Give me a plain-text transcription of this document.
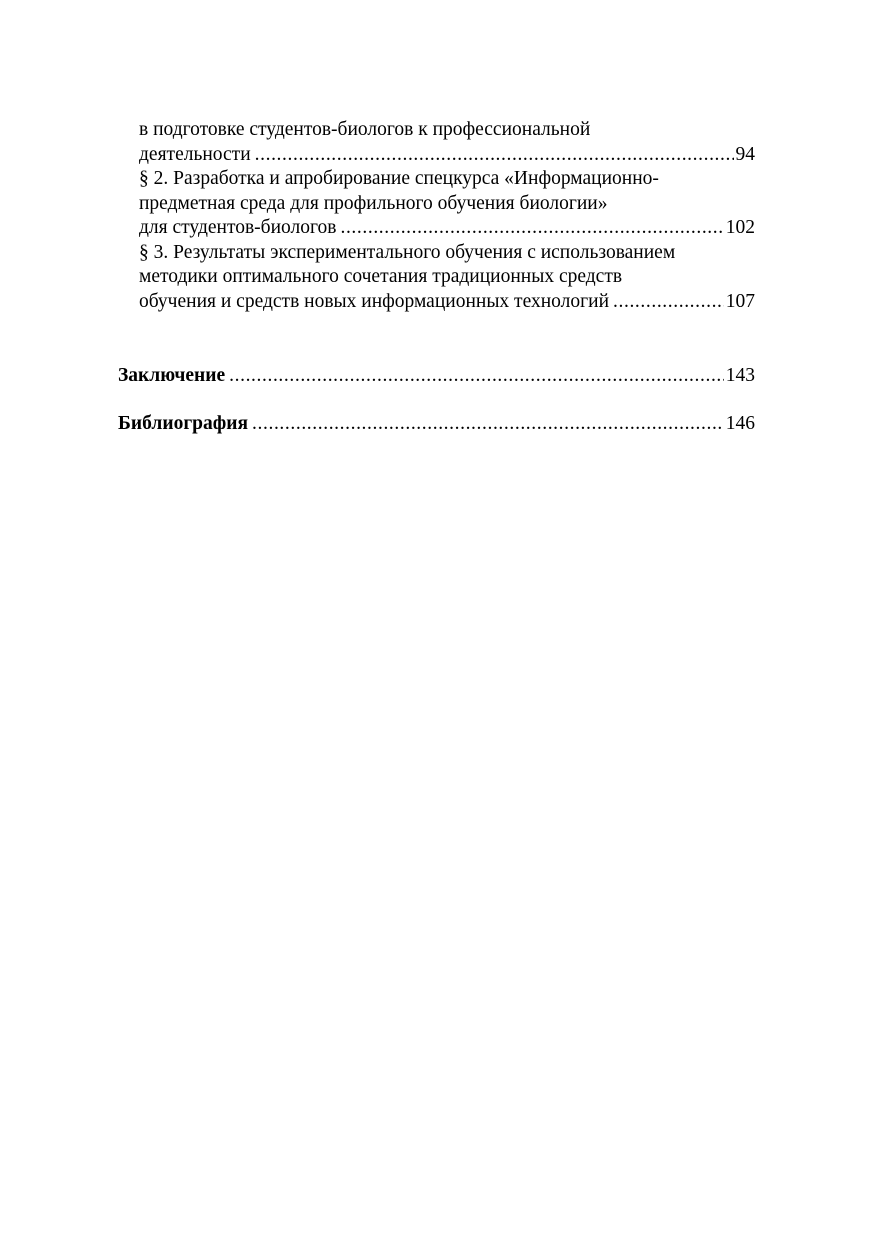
в подготовке студентов-биологов к профессиональной
деятельности .....	94
§ 2. Разработка и апробирование спецкурса «Информационно-
предметная среда для профильного обучения биологии»
для студентов-биологов .....	102
§ 3. Результаты экспериментального обучения с использованием
методики оптимального сочетания традиционных средств
обучения и средств новых информационных технологий .....	107
Заключение .....	143
Библиография .....	146
